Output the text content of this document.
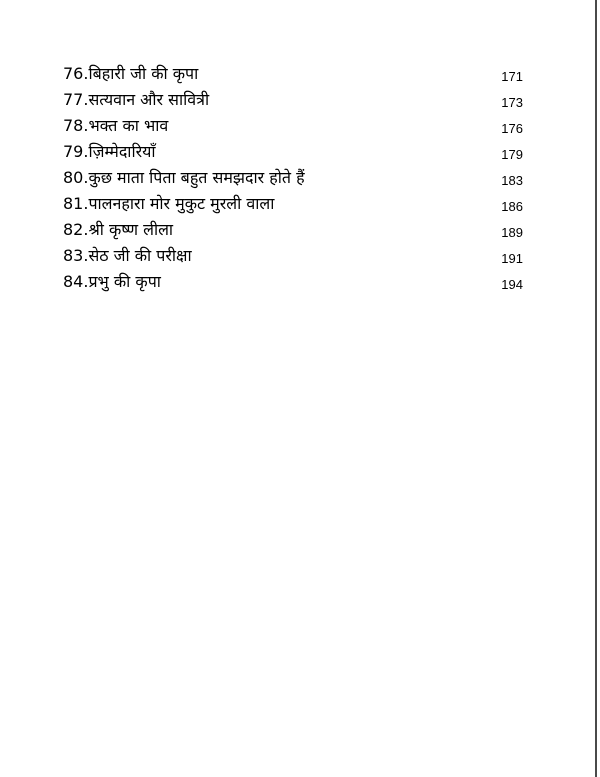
76.बिहारी जी की कृपा	171
77.सत्यवान और सावित्री	173
78.भक्त का भाव	176
79.ज़िम्मेदारियाँ	179
80.कुछ माता पिता बहुत समझदार होते हैं	183
81.पालनहारा मोर मुकुट मुरली वाला	186
82.श्री कृष्ण लीला	189
83.सेठ जी की परीक्षा	191
84.प्रभु की कृपा	194
